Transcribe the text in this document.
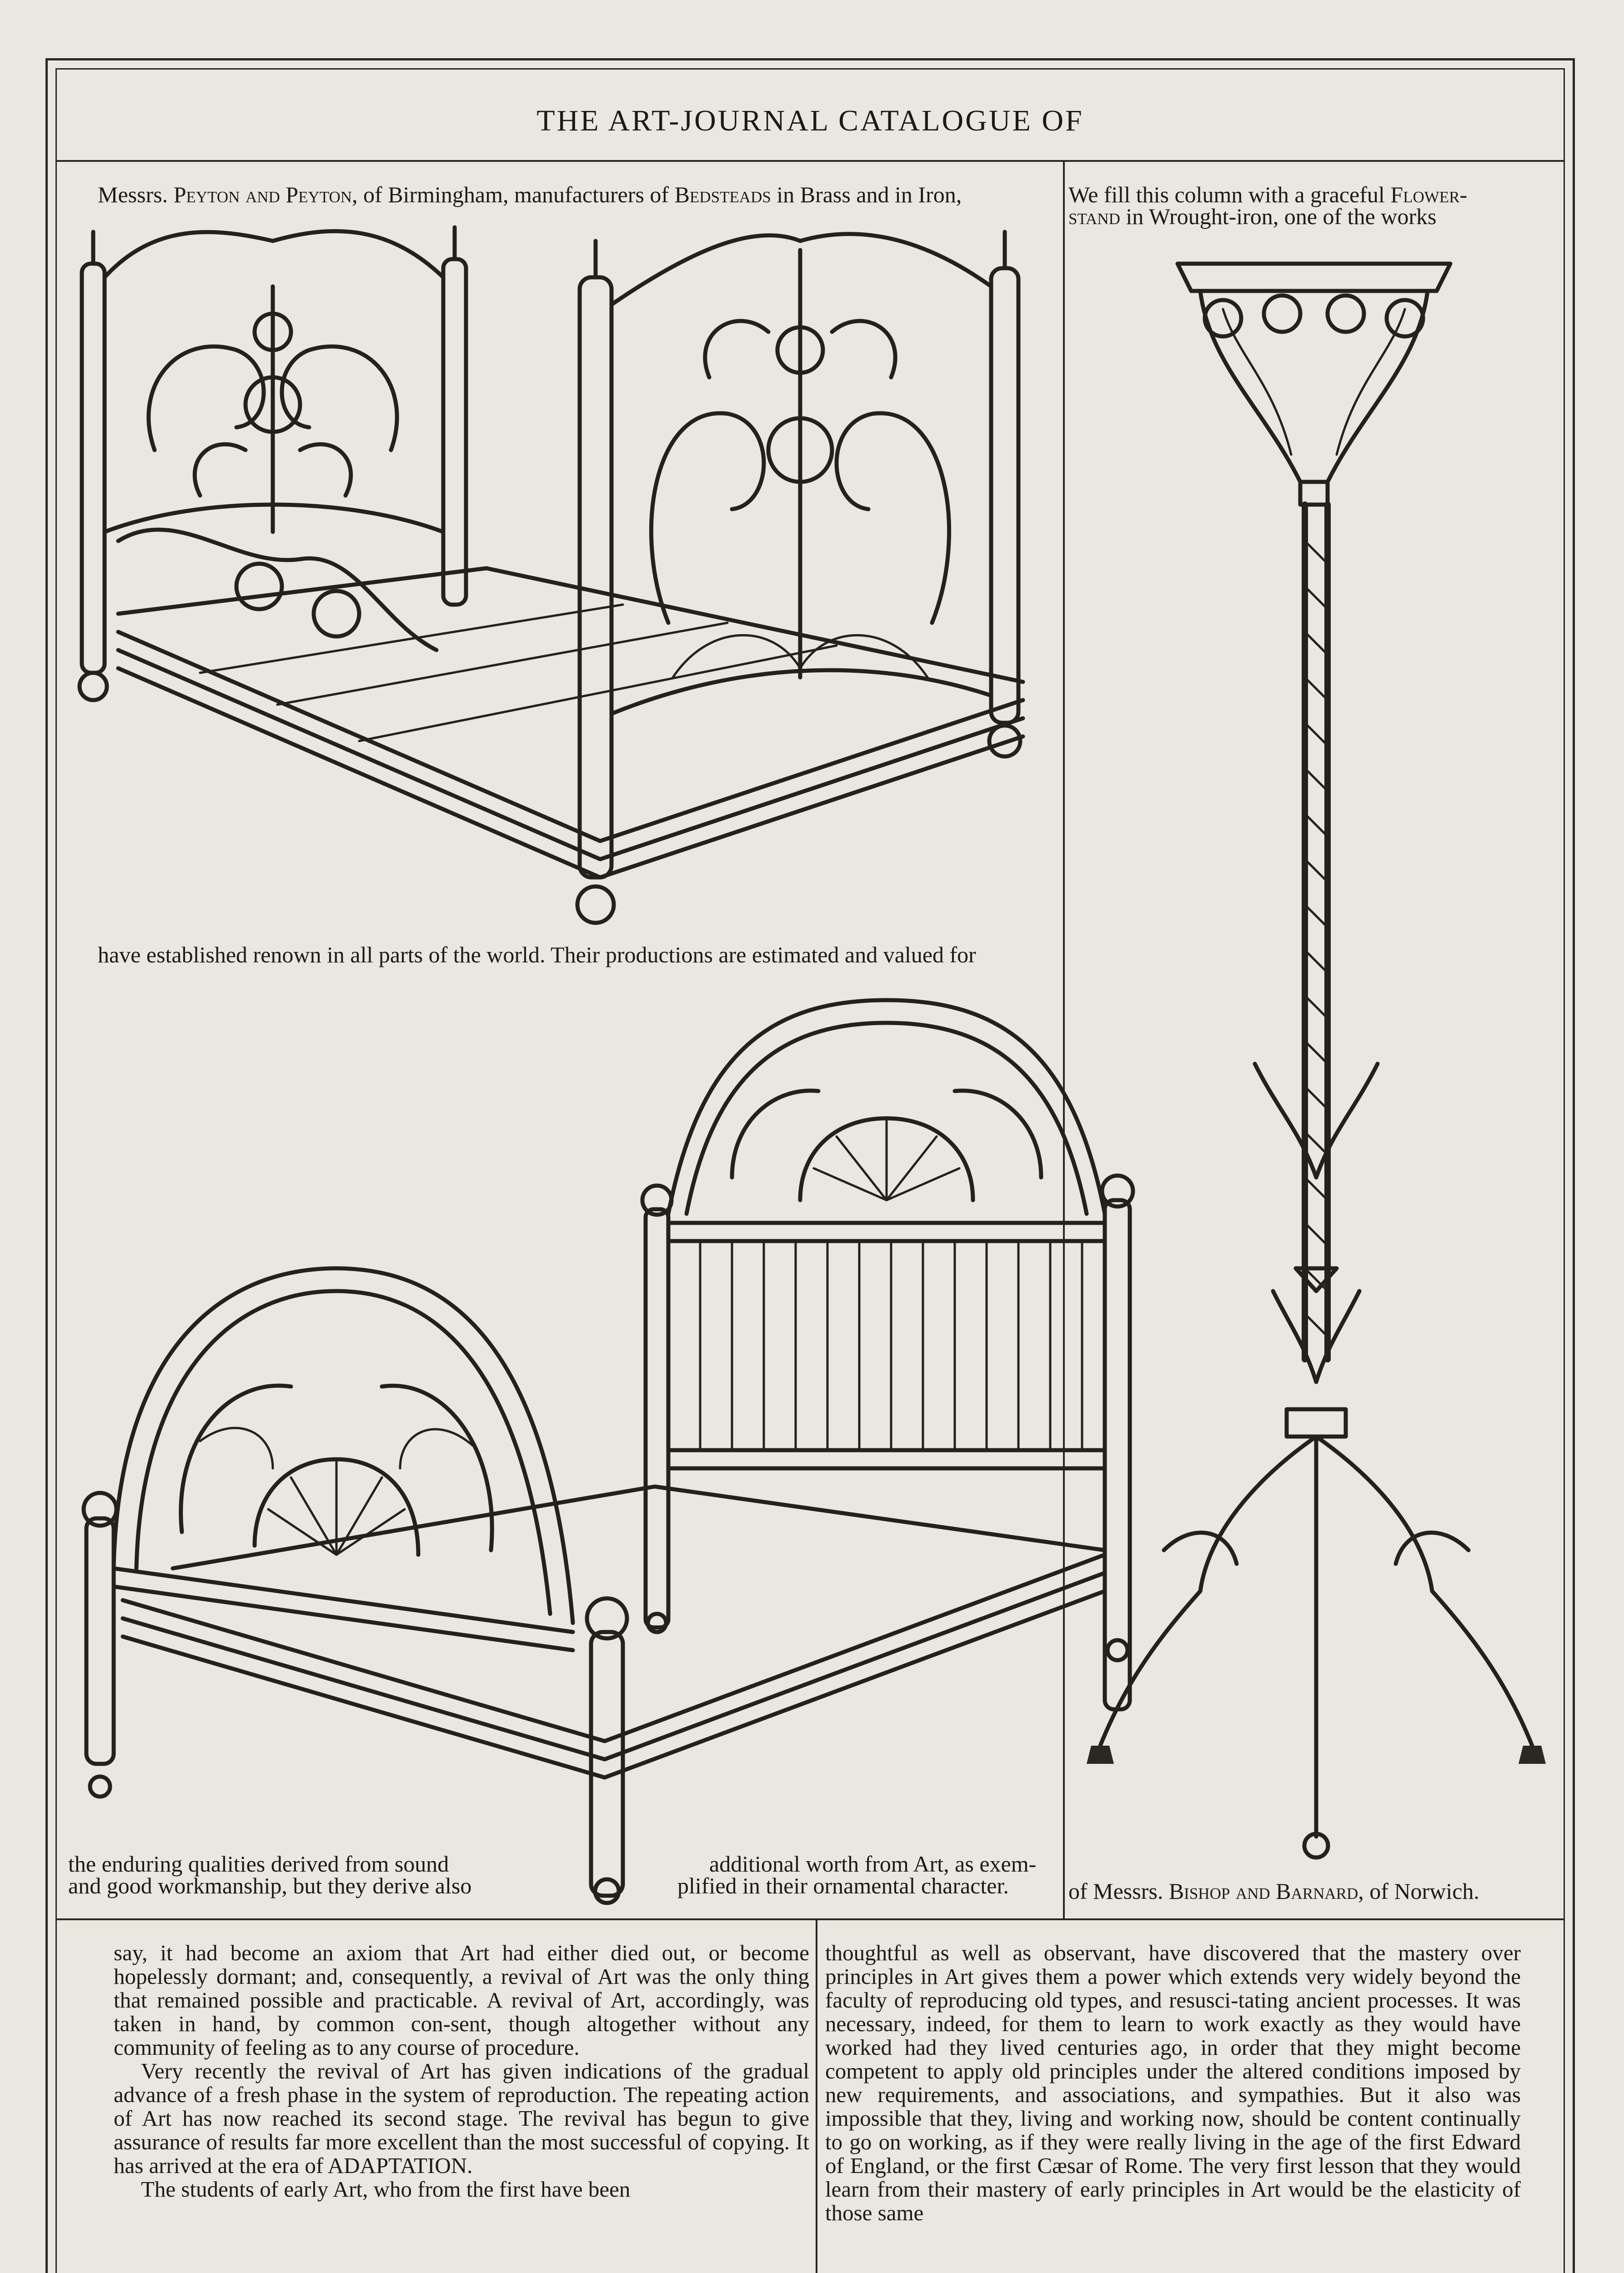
THE ART-JOURNAL CATALOGUE OF
Messrs. Peyton and Peyton, of Birmingham, manufacturers of Bedsteads in Brass and in Iron,
have established renown in all parts of the world. Their productions are estimated and valued for
the enduring qualities derived from sound
and good workmanship, but they derive also
additional worth from Art, as exem-
plified in their ornamental character.
We fill this column with a graceful Flower-
stand in Wrought-iron, one of the works
of Messrs. Bishop and Barnard, of Norwich.

say, it had become an axiom that Art had either died out, or become hopelessly dormant; and, consequently, a revival of Art was the only thing that remained possible and practicable. A revival of Art, accordingly, was taken in hand, by common con-sent, though altogether without any community of feeling as to any course of procedure.

Very recently the revival of Art has given indications of the gradual advance of a fresh phase in the system of reproduction. The repeating action of Art has now reached its second stage. The revival has begun to give assurance of results far more excellent than the most successful of copying. It has arrived at the era of ADAPTATION.

The students of early Art, who from the first have been

thoughtful as well as observant, have discovered that the mastery over principles in Art gives them a power which extends very widely beyond the faculty of reproducing old types, and resusci-tating ancient processes. It was necessary, indeed, for them to learn to work exactly as they would have worked had they lived centuries ago, in order that they might become competent to apply old principles under the altered conditions imposed by new requirements, and associations, and sympathies. But it also was impossible that they, living and working now, should be content continually to go on working, as if they were really living in the age of the first Edward of England, or the first Cæsar of Rome. The very first lesson that they would learn from their mastery of early principles in Art would be the elasticity of those same
